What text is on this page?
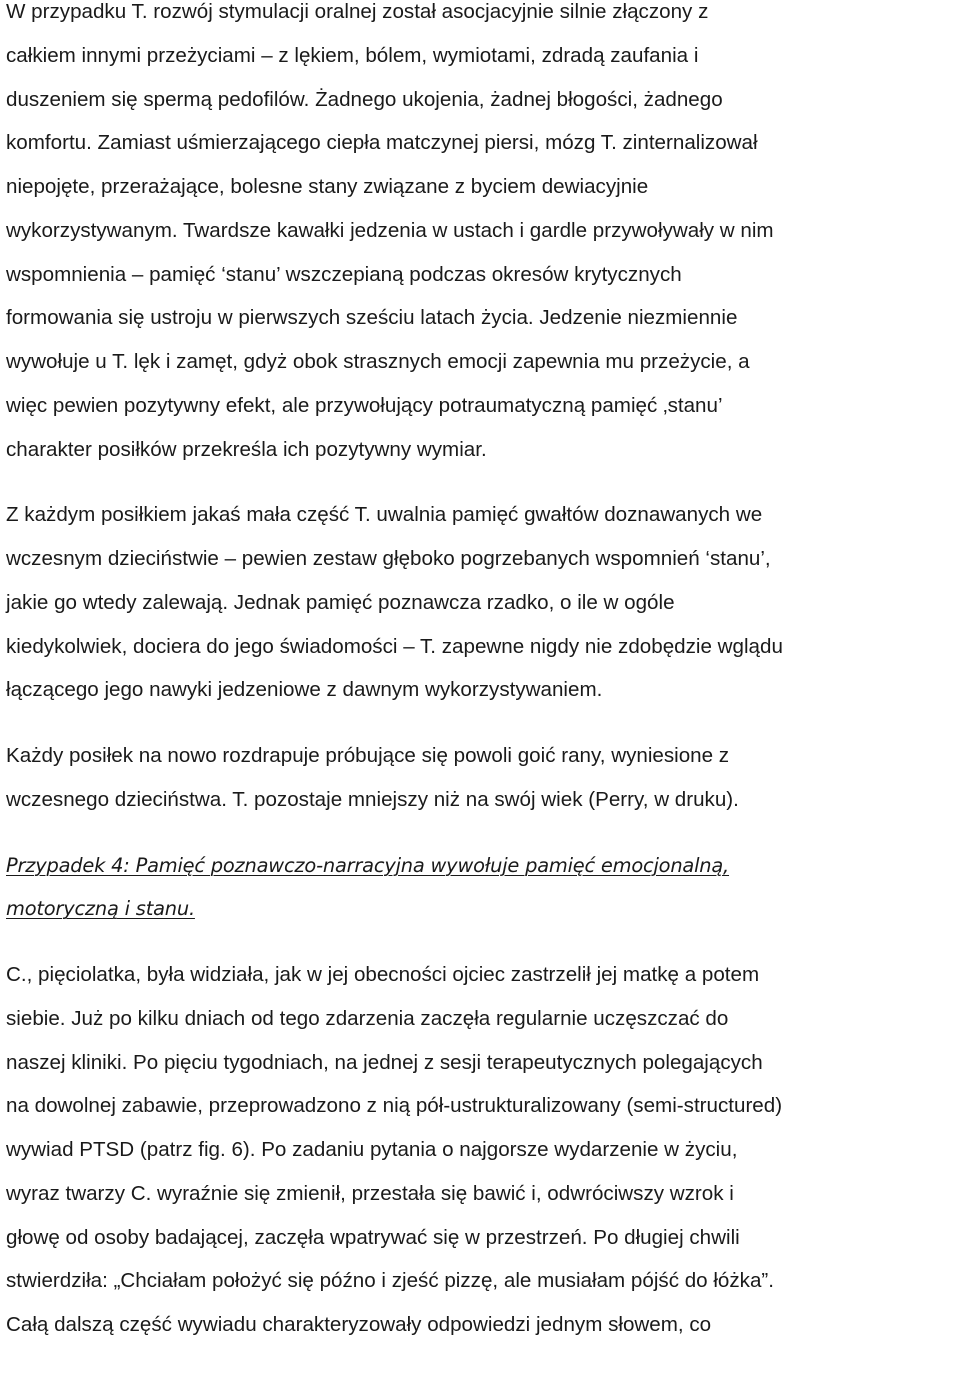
W przypadku T. rozwój stymulacji oralnej został asocjacyjnie silnie złączony z
całkiem innymi przeżyciami – z lękiem, bólem, wymiotami, zdradą zaufania i
duszeniem się spermą pedofilów. Żadnego ukojenia, żadnej błogości, żadnego
komfortu. Zamiast uśmierzającego ciepła matczynej piersi, mózg T. zinternalizował
niepojęte, przerażające, bolesne stany związane z byciem dewiacyjnie
wykorzystywanym. Twardsze kawałki jedzenia w ustach i gardle przywoływały w nim
wspomnienia – pamięć ‘stanu’ wszczepianą podczas okresów krytycznych
formowania się ustroju w pierwszych sześciu latach życia. Jedzenie niezmiennie
wywołuje u T. lęk i zamęt, gdyż obok strasznych emocji zapewnia mu przeżycie, a
więc pewien pozytywny efekt, ale przywołujący potraumatyczną pamięć ‚stanu’
charakter posiłków przekreśla ich pozytywny wymiar.
Z każdym posiłkiem jakaś mała część T. uwalnia pamięć gwałtów doznawanych we
wczesnym dzieciństwie – pewien zestaw głęboko pogrzebanych wspomnień ‘stanu’,
jakie go wtedy zalewają. Jednak pamięć poznawcza rzadko, o ile w ogóle
kiedykolwiek, dociera do jego świadomości – T. zapewne nigdy nie zdobędzie wglądu
łączącego jego nawyki jedzeniowe z dawnym wykorzystywaniem.
Każdy posiłek na nowo rozdrapuje próbujące się powoli goić rany, wyniesione z
wczesnego dzieciństwa. T. pozostaje mniejszy niż na swój wiek (Perry, w druku).
Przypadek 4: Pamięć poznawczo-narracyjna wywołuje pamięć emocjonalną,
motoryczną i stanu.
C., pięciolatka, była widziała, jak w jej obecności ojciec zastrzelił jej matkę a potem
siebie. Już po kilku dniach od tego zdarzenia zaczęła regularnie uczęszczać do
naszej kliniki. Po pięciu tygodniach, na jednej z sesji terapeutycznych polegających
na dowolnej zabawie, przeprowadzono z nią pół-ustrukturalizowany (semi-structured)
wywiad PTSD (patrz fig. 6). Po zadaniu pytania o najgorsze wydarzenie w życiu,
wyraz twarzy C. wyraźnie się zmienił, przestała się bawić i, odwróciwszy wzrok i
głowę od osoby badającej, zaczęła wpatrywać się w przestrzeń. Po długiej chwili
stwierdziła: „Chciałam położyć się późno i zjeść pizzę, ale musiałam pójść do łóżka”.
Całą dalszą część wywiadu charakteryzowały odpowiedzi jednym słowem, co
